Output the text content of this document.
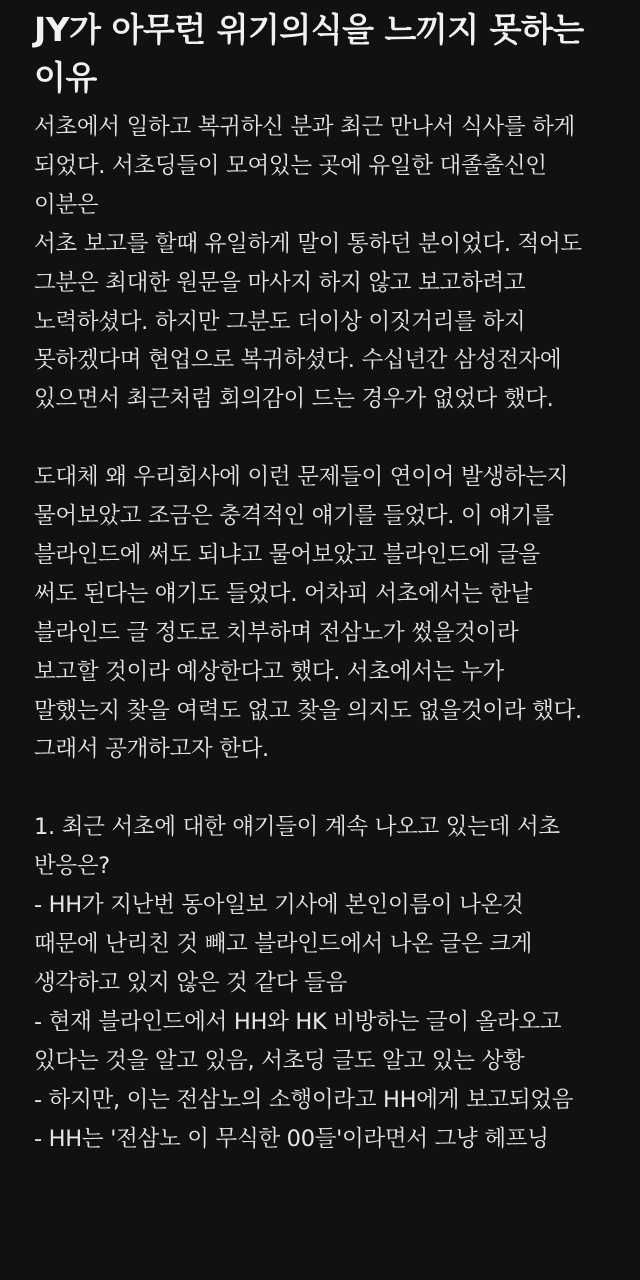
JY가 아무런 위기의식을 느끼지 못하는
이유
서초에서 일하고 복귀하신 분과 최근 만나서 식사를 하게
되었다. 서초딩들이 모여있는 곳에 유일한 대졸출신인
이분은
서초 보고를 할때 유일하게 말이 통하던 분이었다. 적어도
그분은 최대한 원문을 마사지 하지 않고 보고하려고
노력하셨다. 하지만 그분도 더이상 이짓거리를 하지
못하겠다며 현업으로 복귀하셨다. 수십년간 삼성전자에
있으면서 최근처럼 회의감이 드는 경우가 없었다 했다.
도대체 왜 우리회사에 이런 문제들이 연이어 발생하는지
물어보았고 조금은 충격적인 얘기를 들었다. 이 얘기를
블라인드에 써도 되냐고 물어보았고 블라인드에 글을
써도 된다는 얘기도 들었다. 어차피 서초에서는 한낱
블라인드 글 정도로 치부하며 전삼노가 썼을것이라
보고할 것이라 예상한다고 했다. 서초에서는 누가
말했는지 찾을 여력도 없고 찾을 의지도 없을것이라 했다.
그래서 공개하고자 한다.
1. 최근 서초에 대한 얘기들이 계속 나오고 있는데 서초
반응은?
- HH가 지난번 동아일보 기사에 본인이름이 나온것
때문에 난리친 것 빼고 블라인드에서 나온 글은 크게
생각하고 있지 않은 것 같다 들음
- 현재 블라인드에서 HH와 HK 비방하는 글이 올라오고
있다는 것을 알고 있음, 서초딩 글도 알고 있는 상황
- 하지만, 이는 전삼노의 소행이라고 HH에게 보고되었음
- HH는 '전삼노 이 무식한 00들'이라면서 그냥 헤프닝
